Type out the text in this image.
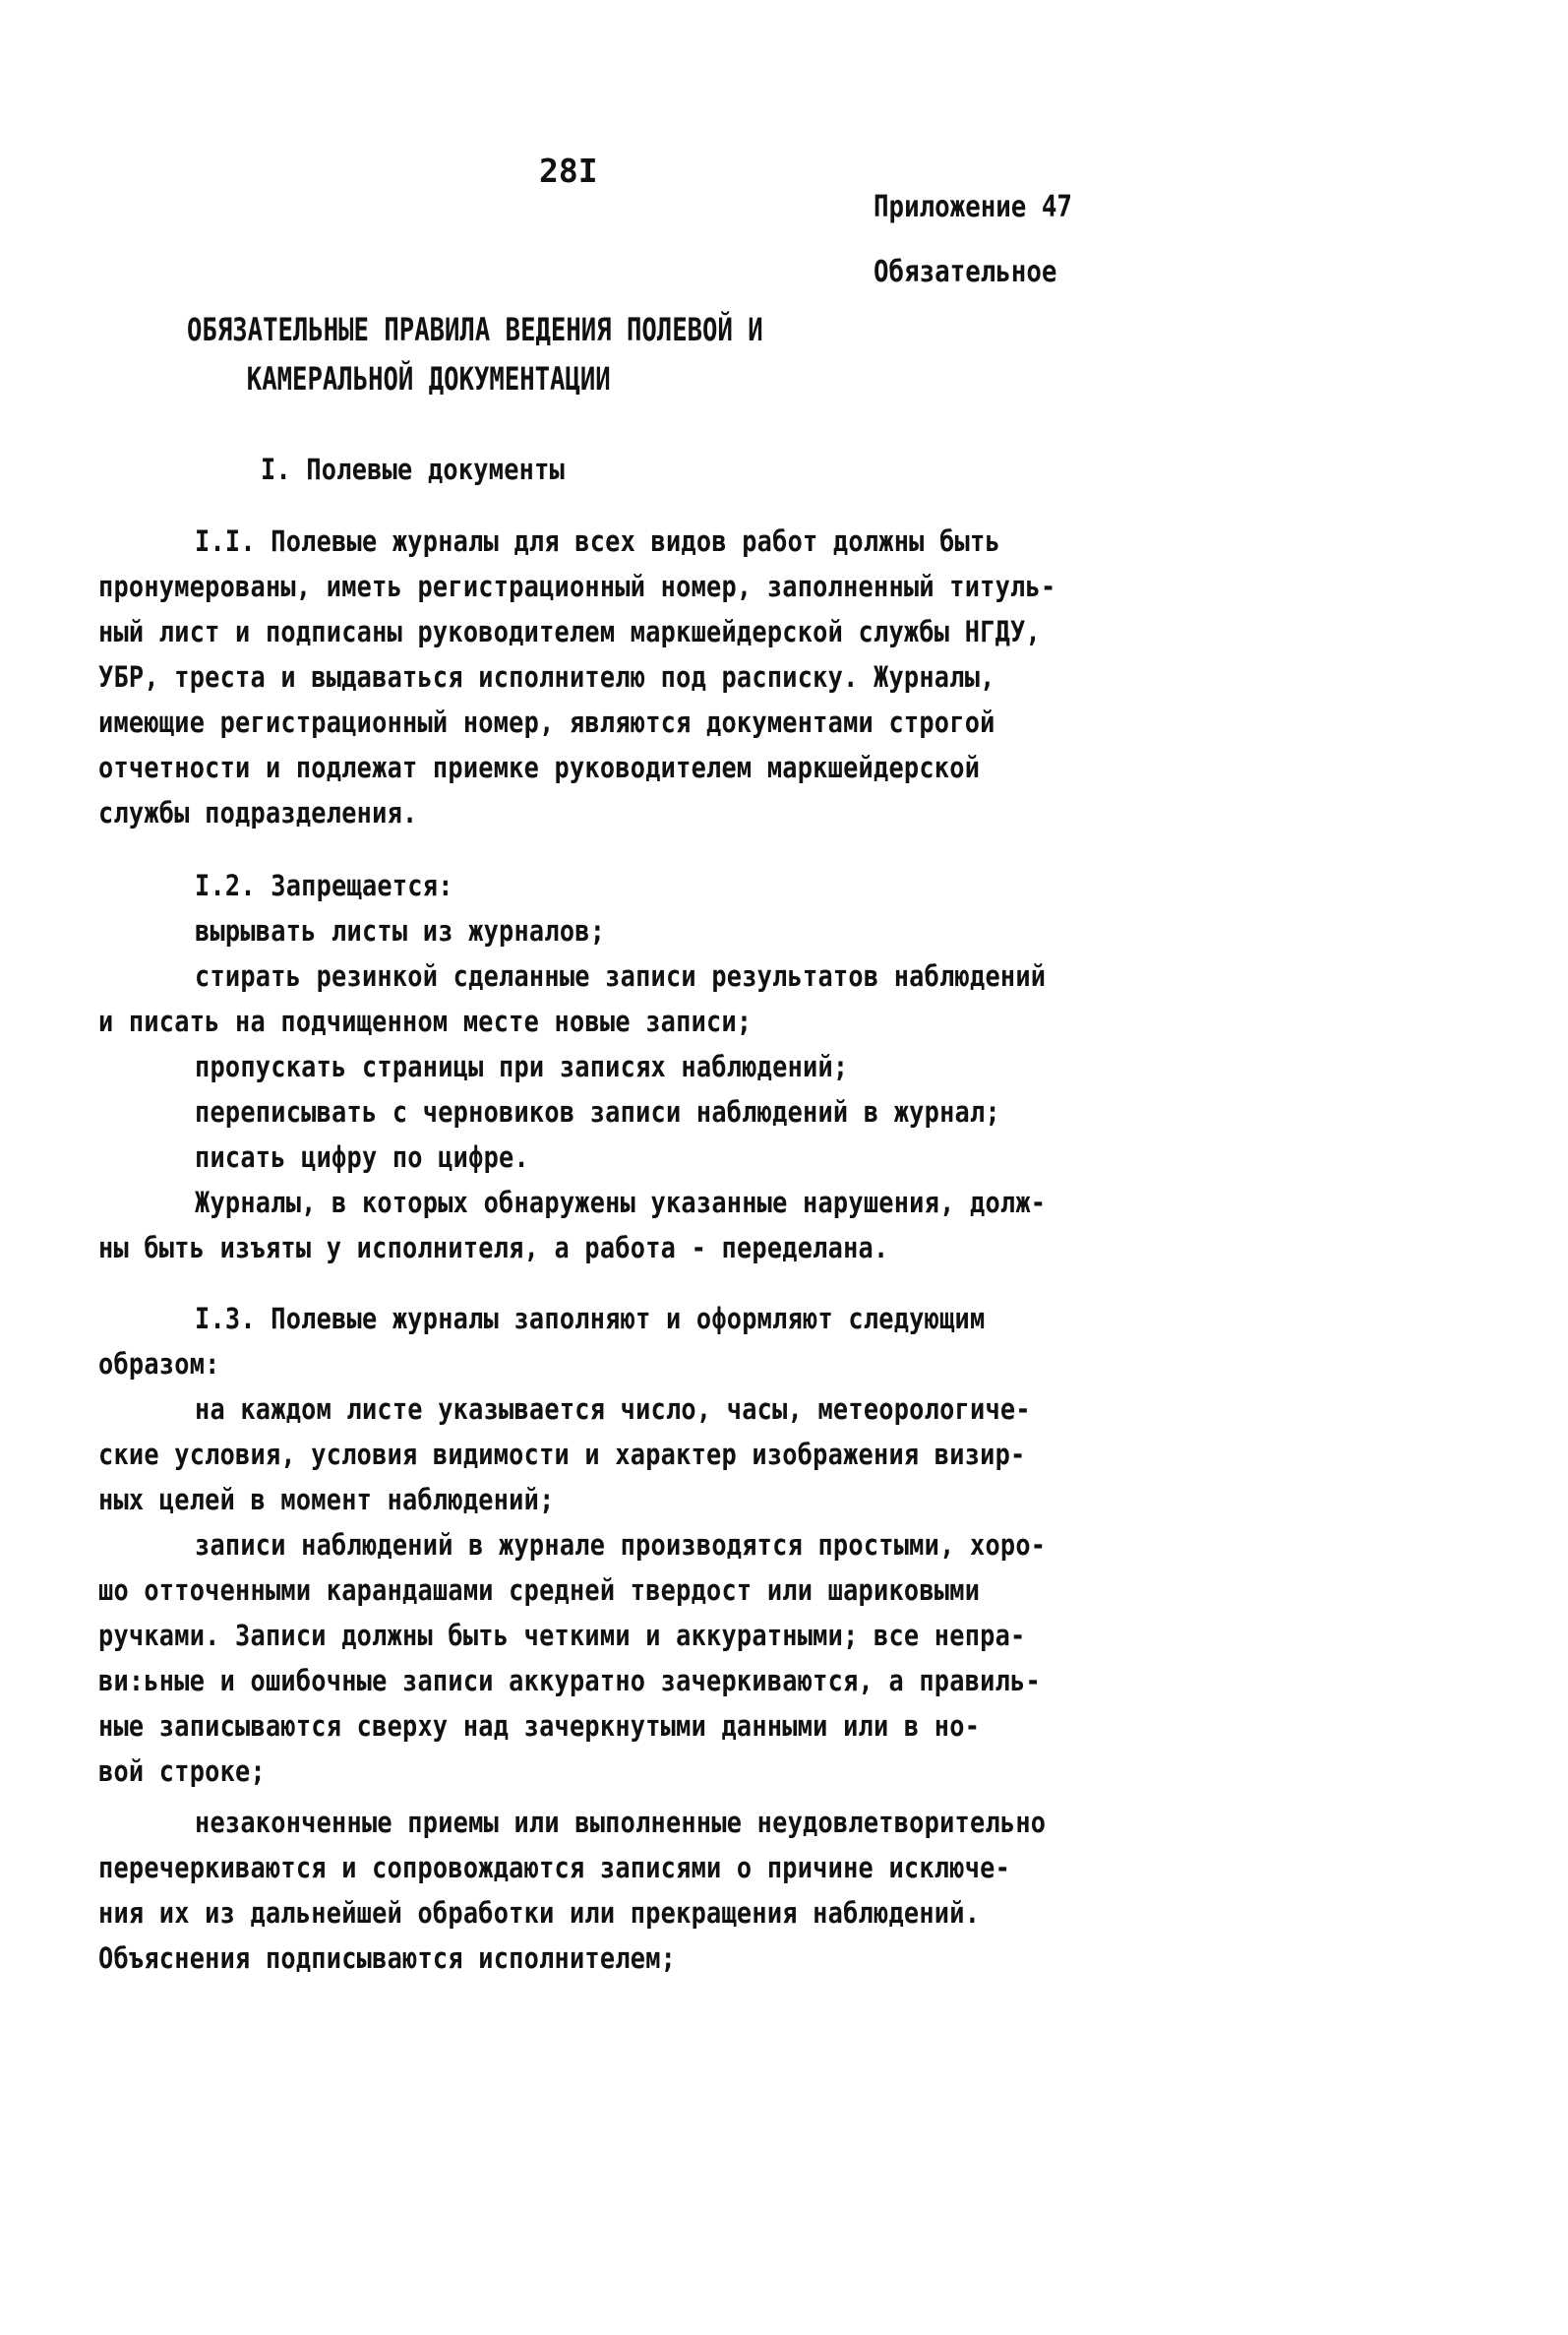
28I
Приложение 47
Обязательное
ОБЯЗАТЕЛЬНЫЕ ПРАВИЛА ВЕДЕНИЯ ПОЛЕВОЙ И
КАМЕРАЛЬНОЙ ДОКУМЕНТАЦИИ
I. Полевые документы
I.I. Полевые журналы для всех видов работ должны быть
пронумерованы, иметь регистрационный номер, заполненный титуль-
ный лист и подписаны руководителем маркшейдерской службы НГДУ,
УБР, треста и выдаваться исполнителю под расписку. Журналы,
имеющие регистрационный номер, являются документами строгой
отчетности и подлежат приемке руководителем маркшейдерской
службы подразделения.
I.2. Запрещается:
вырывать листы из журналов;
стирать резинкой сделанные записи результатов наблюдений
и писать на подчищенном месте новые записи;
пропускать страницы при записях наблюдений;
переписывать с черновиков записи наблюдений в журнал;
писать цифру по цифре.
Журналы, в которых обнаружены указанные нарушения, долж-
ны быть изъяты у исполнителя, а работа - переделана.
I.3. Полевые журналы заполняют и оформляют следующим
образом:
на каждом листе указывается число, часы, метеорологиче-
ские условия, условия видимости и характер изображения визир-
ных целей в момент наблюдений;
записи наблюдений в журнале производятся простыми, хоро-
шо отточенными карандашами средней твердост или шариковыми
ручками. Записи должны быть четкими и аккуратными; все непра-
ви:ьные и ошибочные записи аккуратно зачеркиваются, а правиль-
ные записываются сверху над зачеркнутыми данными или в но-
вой строке;
незаконченные приемы или выполненные неудовлетворительно
перечеркиваются и сопровождаются записями о причине исключе-
ния их из дальнейшей обработки или прекращения наблюдений.
Объяснения подписываются исполнителем;
